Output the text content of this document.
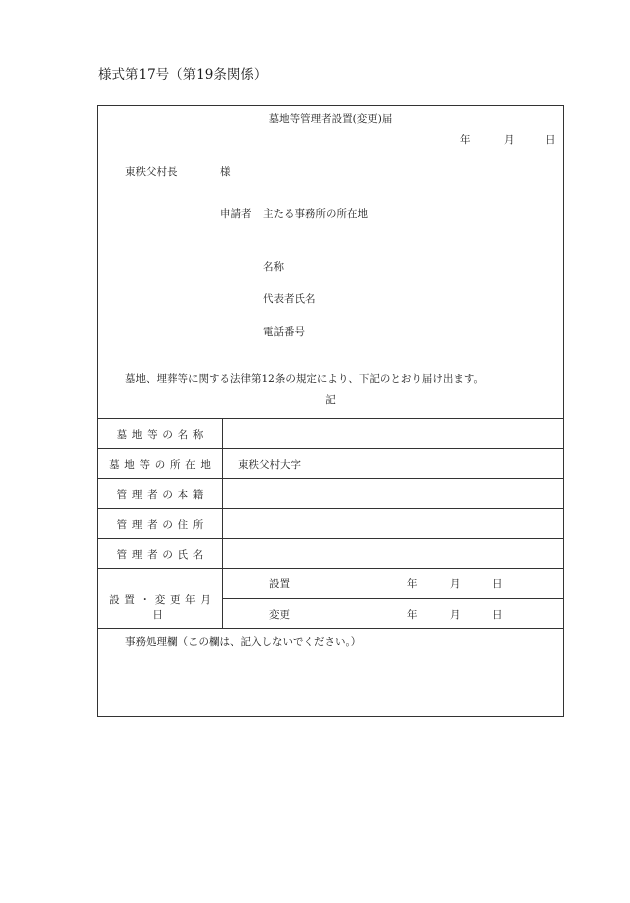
様式第17号（第19条関係）
墓地等管理者設置(変更)届
年	月	日
東秩父村長	様
申請者 主たる事務所の所在地
名称
代表者氏名
電話番号
墓地、埋葬等に関する法律第12条の規定により、下記のとおり届け出ます。
記
墓地等の名称
墓地等の所在地	東秩父村大字
管理者の本籍
管理者の住所
管理者の氏名
設置・変更年月日
設置	年	月	日
変更	年	月	日
事務処理欄（この欄は、記入しないでください。）
